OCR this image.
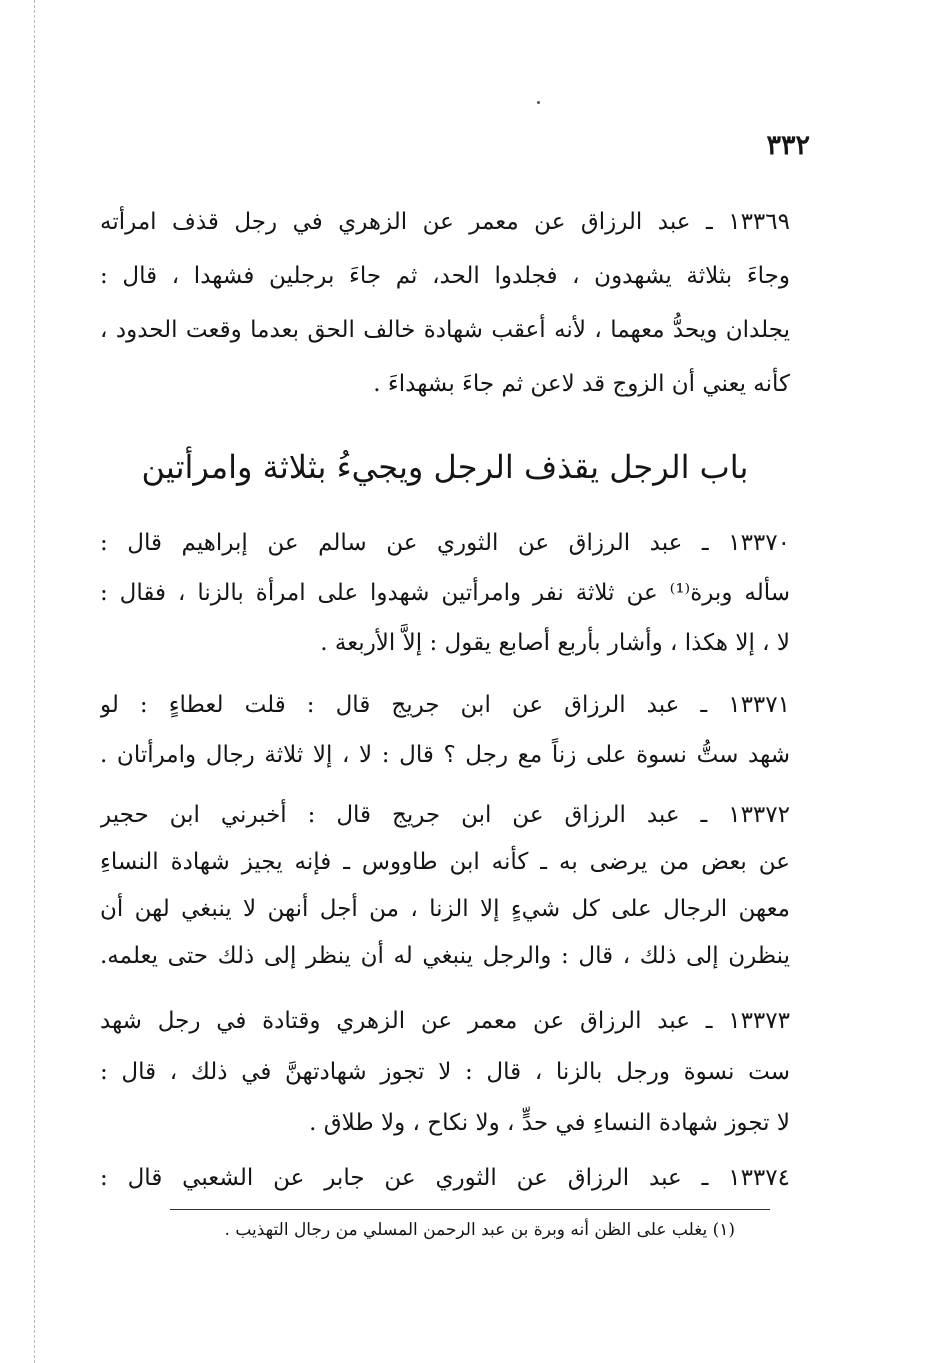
٣٣٢
١٣٣٦٩ ـ عبد الرزاق عن معمر عن الزهري في رجل قذف امرأته
وجاءَ بثلاثة يشهدون ، فجلدوا الحد، ثم جاءَ برجلين فشهدا ، قال :
يجلدان ويحدُّ معهما ، لأنه أعقب شهادة خالف الحق بعدما وقعت الحدود ،
كأنه يعني أن الزوج قد لاعن ثم جاءَ بشهداءَ .
باب الرجل يقذف الرجل ويجيءُ بثلاثة وامرأتين
١٣٣٧٠ ـ عبد الرزاق عن الثوري عن سالم عن إبراهيم قال :
سأله وبرة⁽¹⁾ عن ثلاثة نفر وامرأتين شهدوا على امرأة بالزنا ، فقال :
لا ، إلا هكذا ، وأشار بأربع أصابع يقول : إلاَّ الأربعة .
١٣٣٧١ ـ عبد الرزاق عن ابن جريج قال : قلت لعطاءٍ : لو
شهد ستُّ نسوة على زناً مع رجل ؟ قال : لا ، إلا ثلاثة رجال وامرأتان .
١٣٣٧٢ ـ عبد الرزاق عن ابن جريج قال : أخبرني ابن حجير
عن بعض من يرضى به ـ كأنه ابن طاووس ـ فإنه يجيز شهادة النساءِ
معهن الرجال على كل شيءٍ إلا الزنا ، من أجل أنهن لا ينبغي لهن أن
ينظرن إلى ذلك ، قال : والرجل ينبغي له أن ينظر إلى ذلك حتى يعلمه.
١٣٣٧٣ ـ عبد الرزاق عن معمر عن الزهري وقتادة في رجل شهد
ست نسوة ورجل بالزنا ، قال : لا تجوز شهادتهنَّ في ذلك ، قال :
لا تجوز شهادة النساءِ في حدٍّ ، ولا نكاح ، ولا طلاق .
١٣٣٧٤ ـ عبد الرزاق عن الثوري عن جابر عن الشعبي قال :
(١) يغلب على الظن أنه وبرة بن عبد الرحمن المسلي من رجال التهذيب .
